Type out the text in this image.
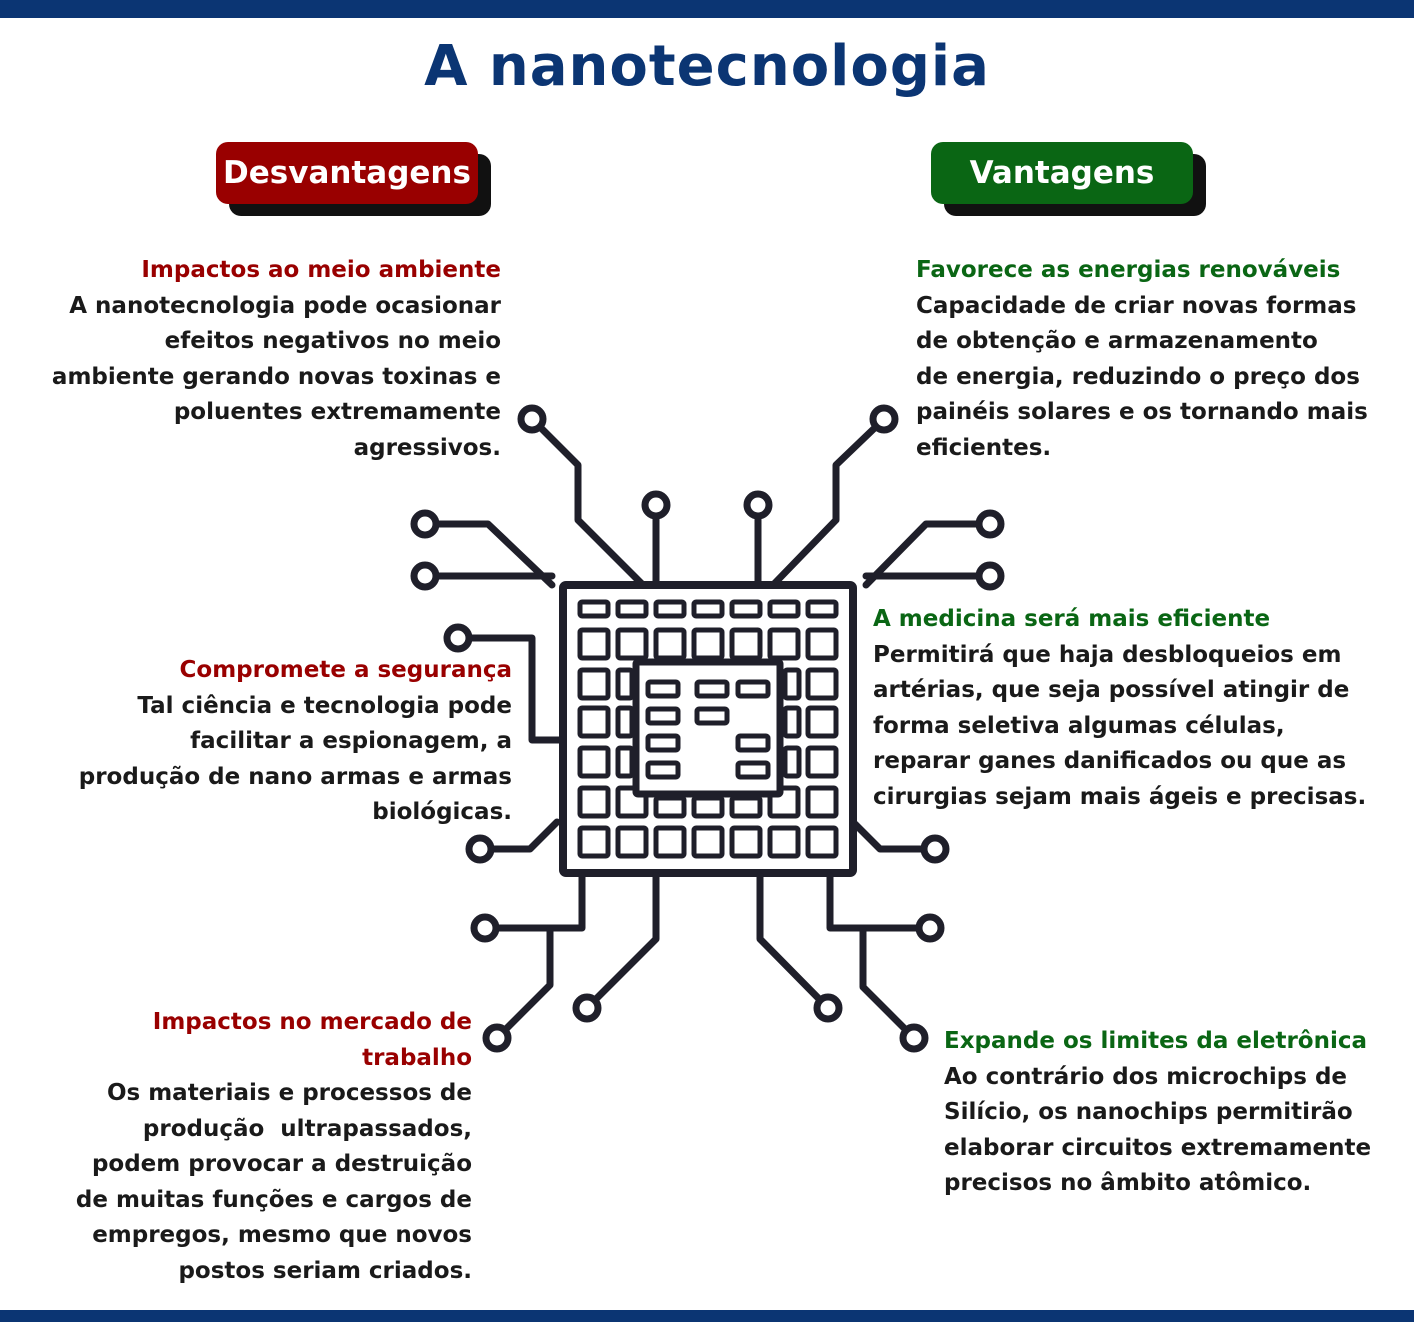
A nanotecnologia
Desvantagens	Vantagens
Impactos ao meio ambiente
A nanotecnologia pode ocasionar
efeitos negativos no meio
ambiente gerando novas toxinas e
poluentes extremamente
agressivos.
Compromete a segurança
Tal ciência e tecnologia pode
facilitar a espionagem, a
produção de nano armas e armas
biológicas.
Impactos no mercado de
trabalho
Os materiais e processos de
produção  ultrapassados,
podem provocar a destruição
de muitas funções e cargos de
empregos, mesmo que novos
postos seriam criados.
Favorece as energias renováveis
Capacidade de criar novas formas
de obtenção e armazenamento
de energia, reduzindo o preço dos
painéis solares e os tornando mais
eficientes.
A medicina será mais eficiente
Permitirá que haja desbloqueios em
artérias, que seja possível atingir de
forma seletiva algumas células,
reparar ganes danificados ou que as
cirurgias sejam mais ágeis e precisas.
Expande os limites da eletrônica
Ao contrário dos microchips de
Silício, os nanochips permitirão
elaborar circuitos extremamente
precisos no âmbito atômico.
